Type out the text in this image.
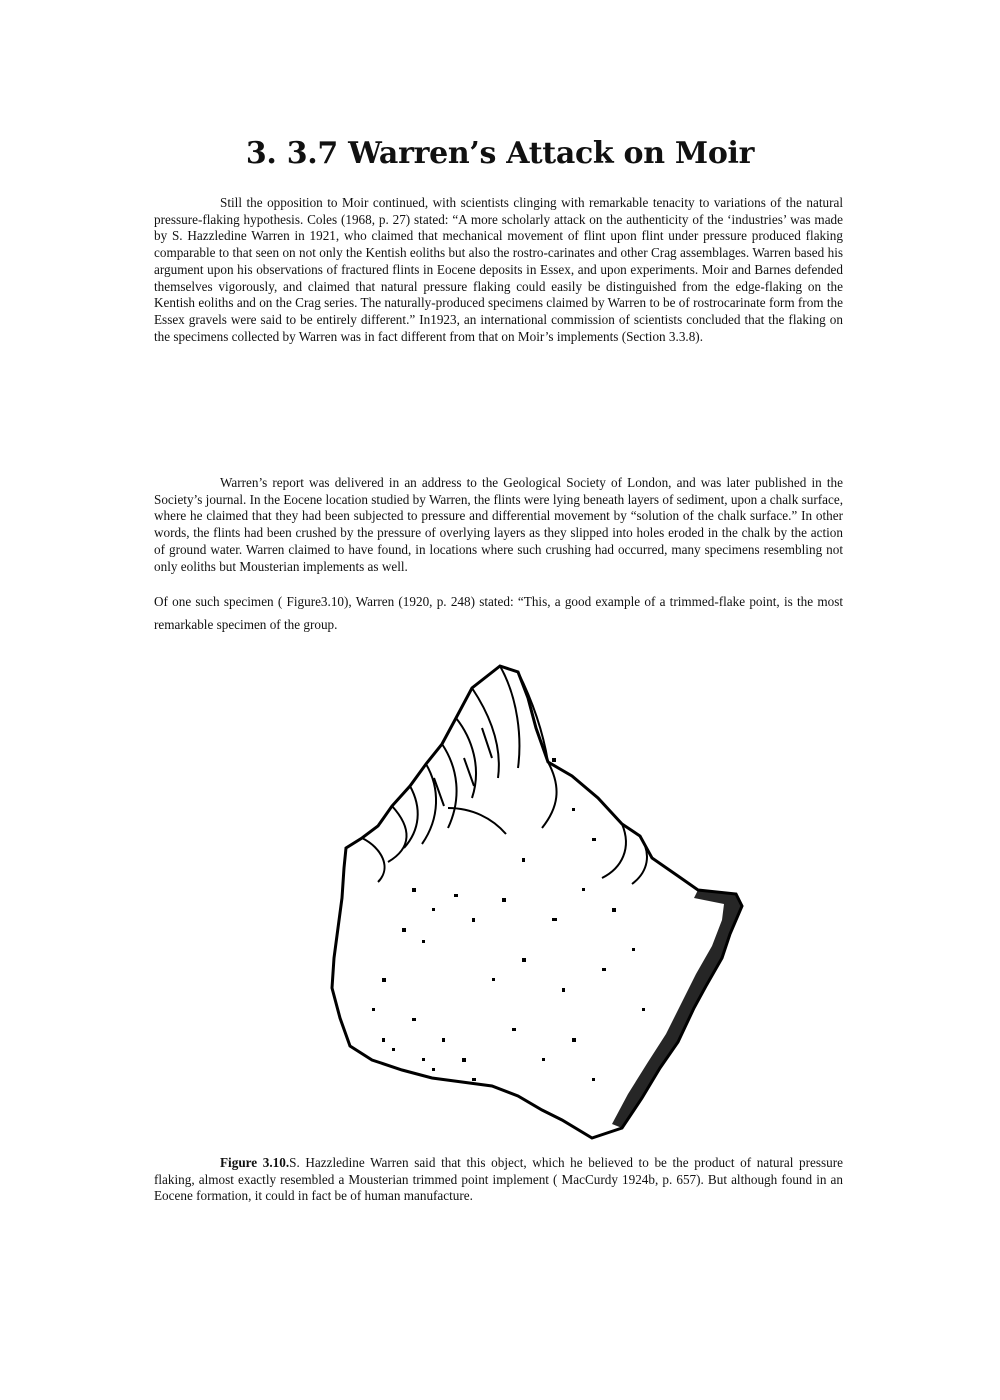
3. 3.7 Warren’s Attack on Moir

Still the opposition to Moir continued, with scientists clinging with remarkable tenacity to variations of the natural pressure-flaking hypothesis. Coles (1968, p. 27) stated: “A more scholarly attack on the authenticity of the ‘industries’ was made by S. Hazzledine Warren in 1921, who claimed that mechanical movement of flint upon flint under pressure produced flaking comparable to that seen on not only the Kentish eoliths but also the rostro-carinates and other Crag assemblages. Warren based his argument upon his observations of fractured flints in Eocene deposits in Essex, and upon experiments. Moir and Barnes defended themselves vigorously, and claimed that natural pressure flaking could easily be distinguished from the edge-flaking on the Kentish eoliths and on the Crag series. The naturally-produced specimens claimed by Warren to be of rostrocarinate form from the Essex gravels were said to be entirely different.” In1923, an international commission of scientists concluded that the flaking on the specimens collected by Warren was in fact different from that on Moir’s implements (Section 3.3.8).

Warren’s report was delivered in an address to the Geological Society of London, and was later published in the Society’s journal. In the Eocene location studied by Warren, the flints were lying beneath layers of sediment, upon a chalk surface, where he claimed that they had been subjected to pressure and differential movement by “solution of the chalk surface.” In other words, the flints had been crushed by the pressure of overlying layers as they slipped into holes eroded in the chalk by the action of ground water. Warren claimed to have found, in locations where such crushing had occurred, many specimens resembling not only eoliths but Mousterian implements as well.

Of one such specimen ( Figure3.10), Warren (1920, p. 248) stated: “This, a good example of a trimmed-flake point, is the most remarkable specimen of the group.

Figure 3.10.S. Hazzledine Warren said that this object, which he believed to be the product of natural pressure flaking, almost exactly resembled a Mousterian trimmed point implement ( MacCurdy 1924b, p. 657). But although found in an Eocene formation, it could in fact be of human manufacture.
